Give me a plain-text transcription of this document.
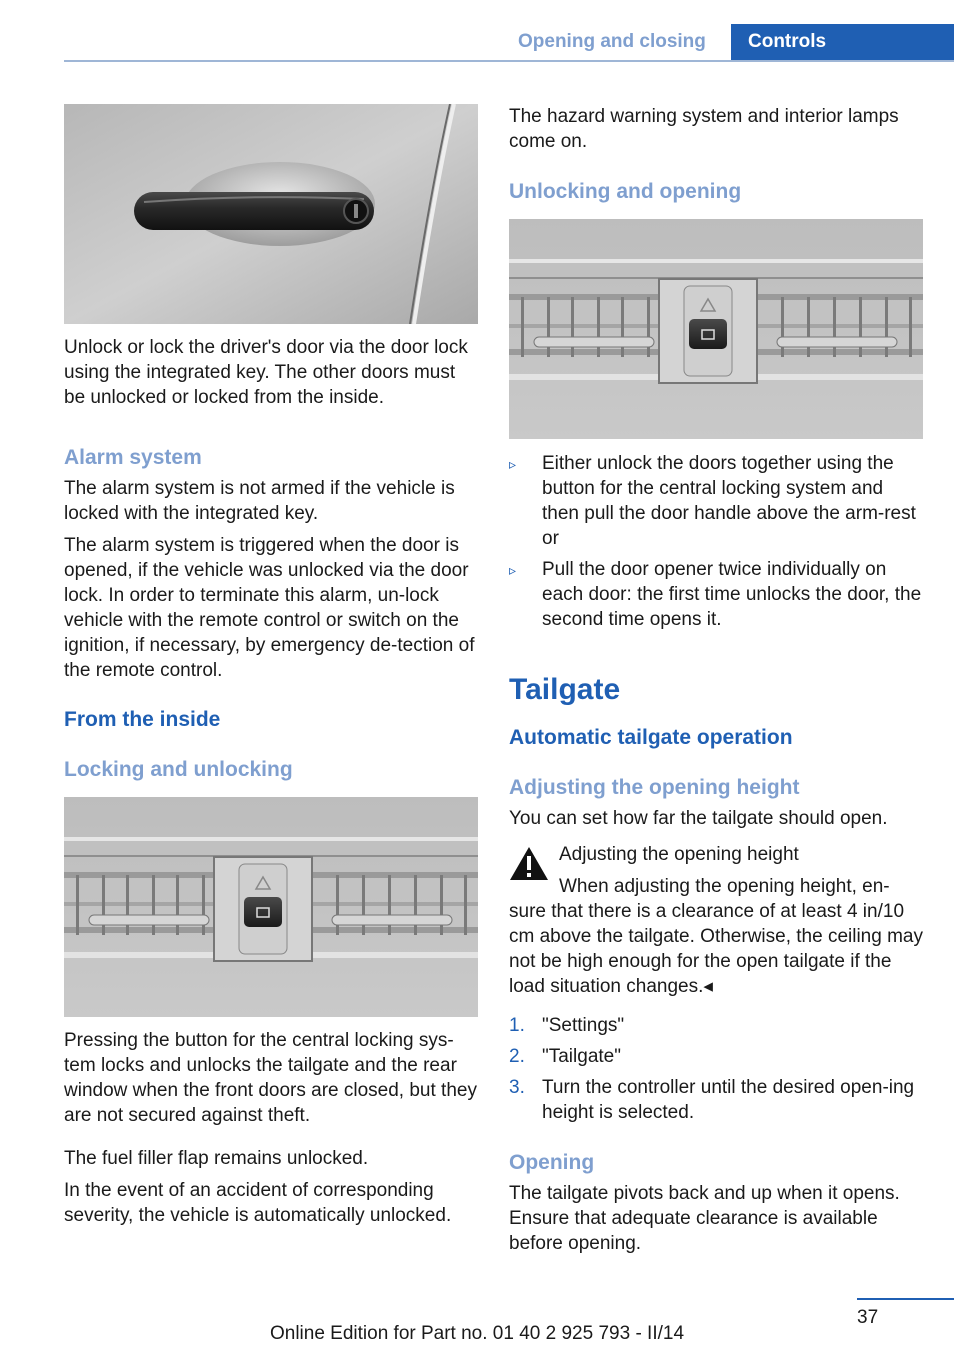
Opening and closing	Controls

Unlock or lock the driver's door via the door lock using the integrated key. The other doors must be unlocked or locked from the inside.

Alarm system

The alarm system is not armed if the vehicle is locked with the integrated key.

The alarm system is triggered when the door is opened, if the vehicle was unlocked via the door lock. In order to terminate this alarm, un‐lock vehicle with the remote control or switch on the ignition, if necessary, by emergency de‐tection of the remote control.

From the inside
Locking and unlocking

Pressing the button for the central locking sys‐tem locks and unlocks the tailgate and the rear window when the front doors are closed, but they are not secured against theft.

The fuel filler flap remains unlocked.

In the event of an accident of corresponding severity, the vehicle is automatically unlocked.

The hazard warning system and interior lamps come on.

Unlocking and opening
▹ Either unlock the doors together using the button for the central locking system and then pull the door handle above the arm‐rest or
▹ Pull the door opener twice individually on each door: the first time unlocks the door, the second time opens it.
Tailgate
Automatic tailgate operation
Adjusting the opening height

You can set how far the tailgate should open.

Adjusting the opening height

When adjusting the opening height, en‐

sure that there is a clearance of at least 4 in/10 cm above the tailgate. Otherwise, the ceiling may not be high enough for the open tailgate if the load situation changes.◂

1. "Settings"
2. "Tailgate"
3. Turn the controller until the desired open‐ing height is selected.
Opening

The tailgate pivots back and up when it opens. Ensure that adequate clearance is available before opening.

37
Online Edition for Part no. 01 40 2 925 793 - II/14
